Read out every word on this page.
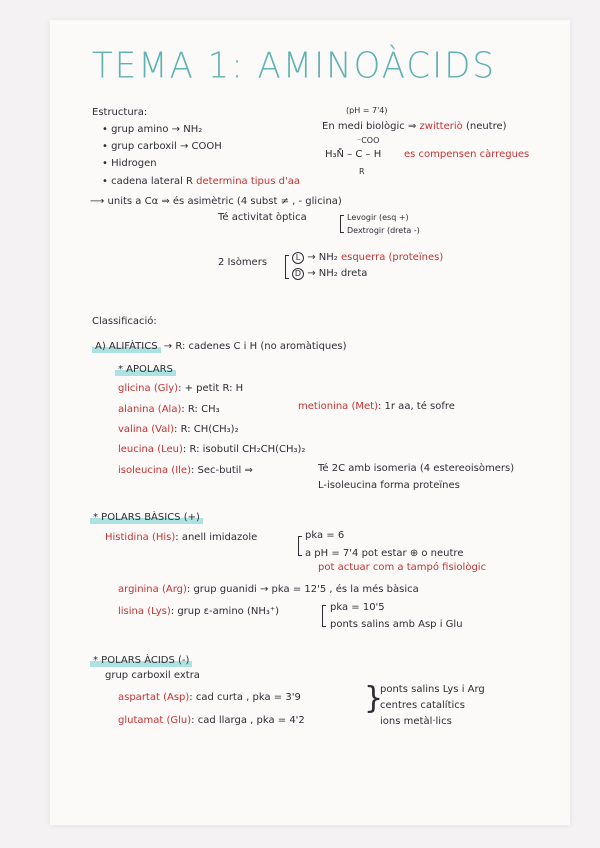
TEMA 1: AMINOÀCIDS
Estructura:
• grup amino → NH₂
• grup carboxil → COOH
• Hidrogen
• cadena lateral R determina tipus d'aa
(pH = 7'4)
En medi biològic ⇒ zwitteriò (neutre)
⁻COO
H₃N̊ – C – H
R
es compensen càrregues
⟶ units a Cα ⇒ és asimètric (4 subst ≠ , - glicina)
Té activitat òptica	Levogir (esq +)
Dextrogir (dreta -)
2 Isòmers	L → NH₂ esquerra (proteïnes)
D → NH₂ dreta
Classificació:
A) ALIFÀTICS → R: cadenes C i H (no aromàtiques)
* APOLARS
glicina (Gly): + petit R: H
alanina (Ala): R: CH₃	metionina (Met): 1r aa, té sofre
valina (Val): R: CH(CH₃)₂
leucina (Leu): R: isobutil CH₂CH(CH₃)₂
isoleucina (Ile): Sec-butil ⇒	Té 2C amb isomeria (4 estereoisòmers)
L-isoleucina forma proteïnes
* POLARS BÀSICS (+)
Histidina (His): anell imidazole	pka = 6
a pH = 7'4 pot estar ⊕ o neutre
pot actuar com a tampó fisiològic
arginina (Arg): grup guanidi → pka = 12'5 , és la més bàsica
lisina (Lys): grup ε-amino (NH₃⁺)	pka = 10'5
ponts salins amb Asp i Glu
* POLARS ÀCIDS (-)
grup carboxil extra
aspartat (Asp): cad curta , pka = 3'9
glutamat (Glu): cad llarga , pka = 4'2
}
ponts salins Lys i Arg
centres catalítics
ions metàl·lics
